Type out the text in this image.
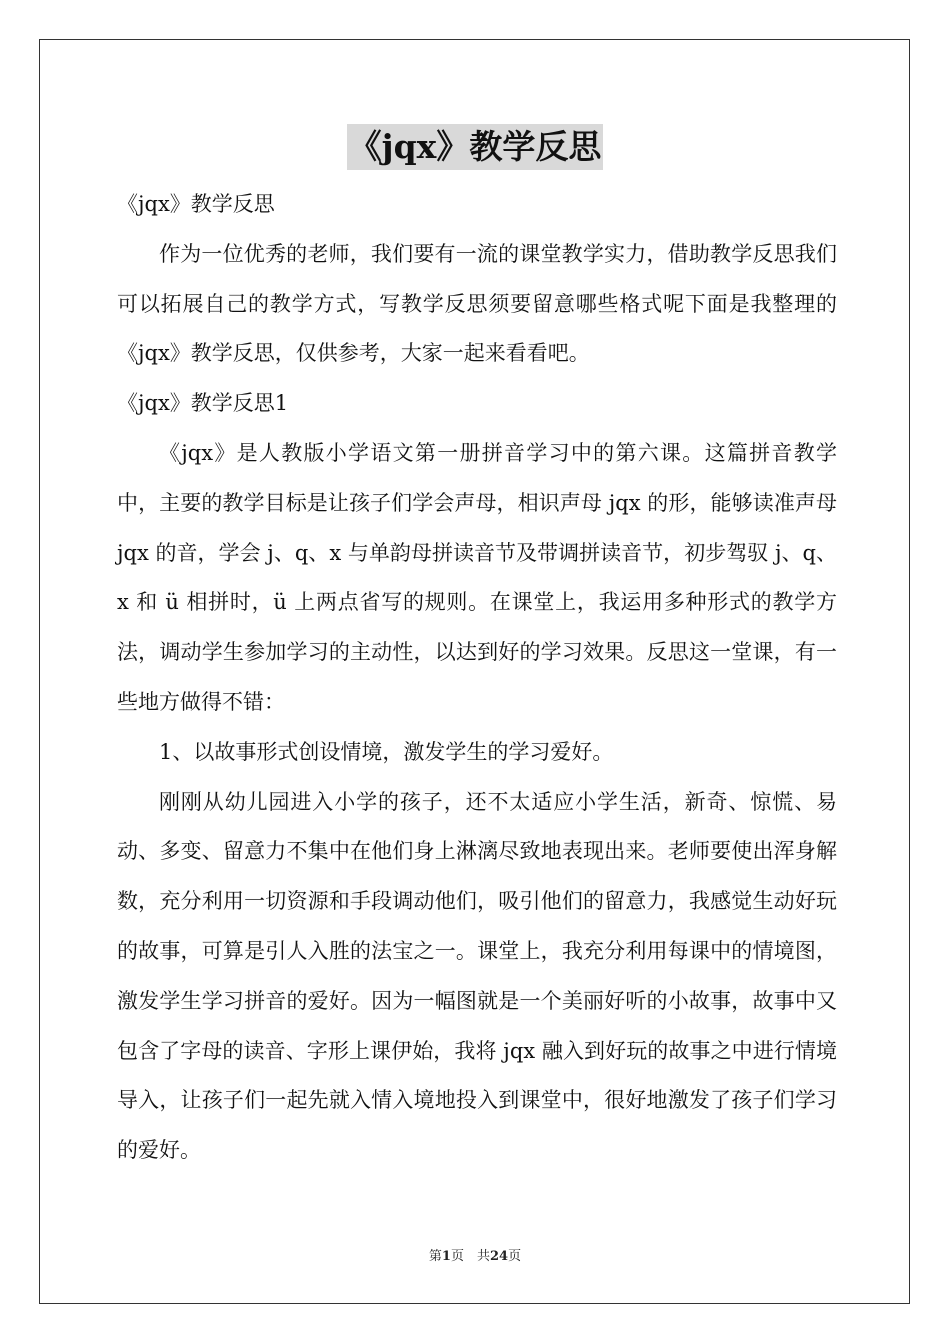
《jqx》教学反思

《jqx》教学反思

作为一位优秀的老师，我们要有一流的课堂教学实力，借助教学反思我们可以拓展自己的教学方式，写教学反思须要留意哪些格式呢下面是我整理的《jqx》教学反思，仅供参考，大家一起来看看吧。

《jqx》教学反思1

《jqx》是人教版小学语文第一册拼音学习中的第六课。这篇拼音教学中，主要的教学目标是让孩子们学会声母，相识声母 jqx 的形，能够读准声母 jqx 的音，学会 j、q、x 与单韵母拼读音节及带调拼读音节，初步驾驭 j、q、x 和 ü 相拼时，ü 上两点省写的规则。在课堂上，我运用多种形式的教学方法，调动学生参加学习的主动性，以达到好的学习效果。反思这一堂课，有一些地方做得不错：

1、以故事形式创设情境，激发学生的学习爱好。

刚刚从幼儿园进入小学的孩子，还不太适应小学生活，新奇、惊慌、易动、多变、留意力不集中在他们身上淋漓尽致地表现出来。老师要使出浑身解数，充分利用一切资源和手段调动他们，吸引他们的留意力，我感觉生动好玩的故事，可算是引人入胜的法宝之一。课堂上，我充分利用每课中的情境图，激发学生学习拼音的爱好。因为一幅图就是一个美丽好听的小故事，故事中又包含了字母的读音、字形上课伊始，我将 jqx 融入到好玩的故事之中进行情境导入，让孩子们一起先就入情入境地投入到课堂中，很好地激发了孩子们学习的爱好。

第1页　共24页
